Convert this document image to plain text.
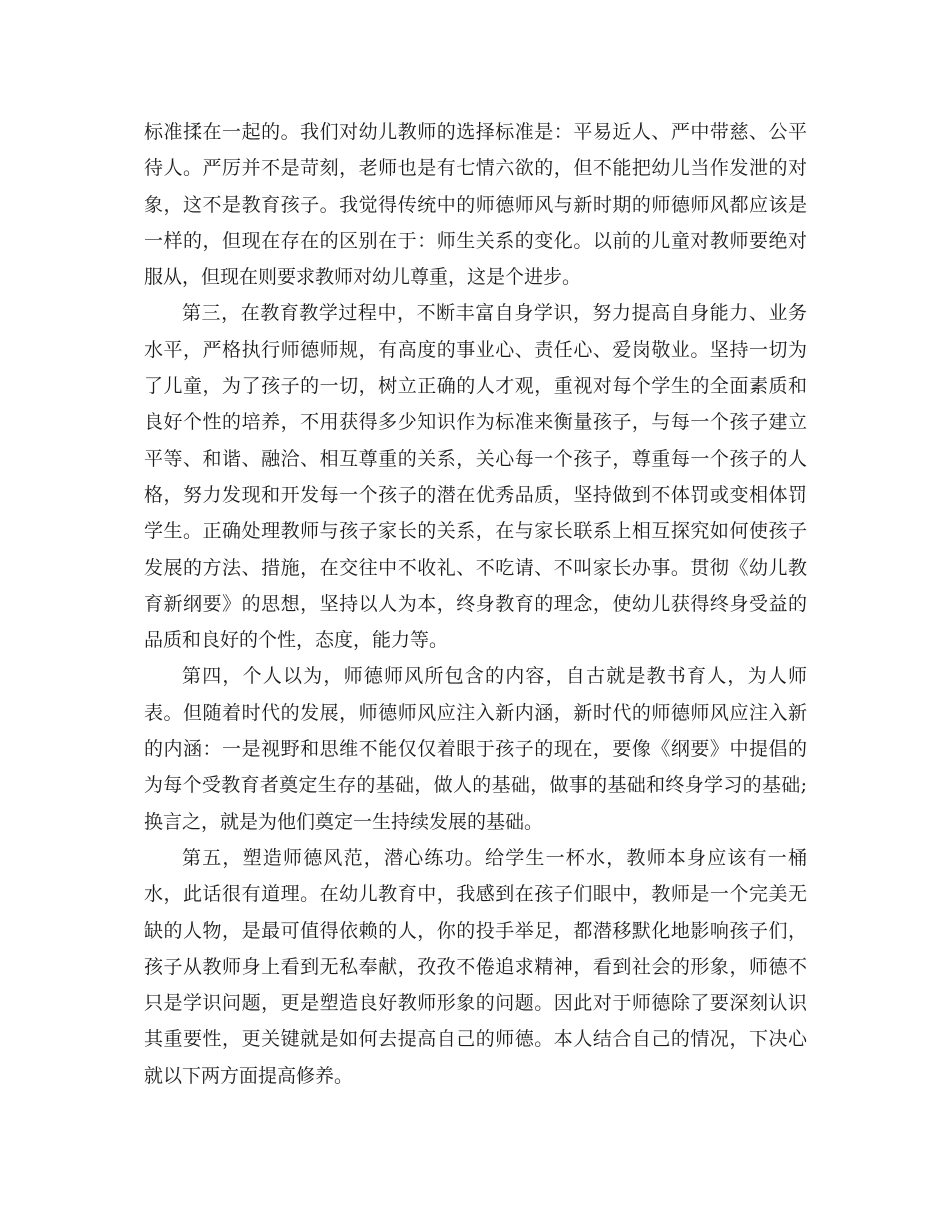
标准揉在一起的。我们对幼儿教师的选择标准是：平易近人、严中带慈、公平待人。严厉并不是苛刻，老师也是有七情六欲的，但不能把幼儿当作发泄的对象，这不是教育孩子。我觉得传统中的师德师风与新时期的师德师风都应该是一样的，但现在存在的区别在于：师生关系的变化。以前的儿童对教师要绝对服从，但现在则要求教师对幼儿尊重，这是个进步。

第三，在教育教学过程中，不断丰富自身学识，努力提高自身能力、业务水平，严格执行师德师规，有高度的事业心、责任心、爱岗敬业。坚持一切为了儿童，为了孩子的一切，树立正确的人才观，重视对每个学生的全面素质和良好个性的培养，不用获得多少知识作为标准来衡量孩子，与每一个孩子建立平等、和谐、融洽、相互尊重的关系，关心每一个孩子，尊重每一个孩子的人格，努力发现和开发每一个孩子的潜在优秀品质，坚持做到不体罚或变相体罚学生。正确处理教师与孩子家长的关系，在与家长联系上相互探究如何使孩子发展的方法、措施，在交往中不收礼、不吃请、不叫家长办事。贯彻《幼儿教育新纲要》的思想，坚持以人为本，终身教育的理念，使幼儿获得终身受益的品质和良好的个性，态度，能力等。

第四，个人以为，师德师风所包含的内容，自古就是教书育人，为人师表。但随着时代的发展，师德师风应注入新内涵，新时代的师德师风应注入新的内涵：一是视野和思维不能仅仅着眼于孩子的现在，要像《纲要》中提倡的为每个受教育者奠定生存的基础，做人的基础，做事的基础和终身学习的基础;换言之，就是为他们奠定一生持续发展的基础。

第五，塑造师德风范，潜心练功。给学生一杯水，教师本身应该有一桶水，此话很有道理。在幼儿教育中，我感到在孩子们眼中，教师是一个完美无缺的人物，是最可值得依赖的人，你的投手举足，都潜移默化地影响孩子们，孩子从教师身上看到无私奉献，孜孜不倦追求精神，看到社会的形象，师德不只是学识问题，更是塑造良好教师形象的问题。因此对于师德除了要深刻认识其重要性，更关键就是如何去提高自己的师德。本人结合自己的情况，下决心就以下两方面提高修养。
